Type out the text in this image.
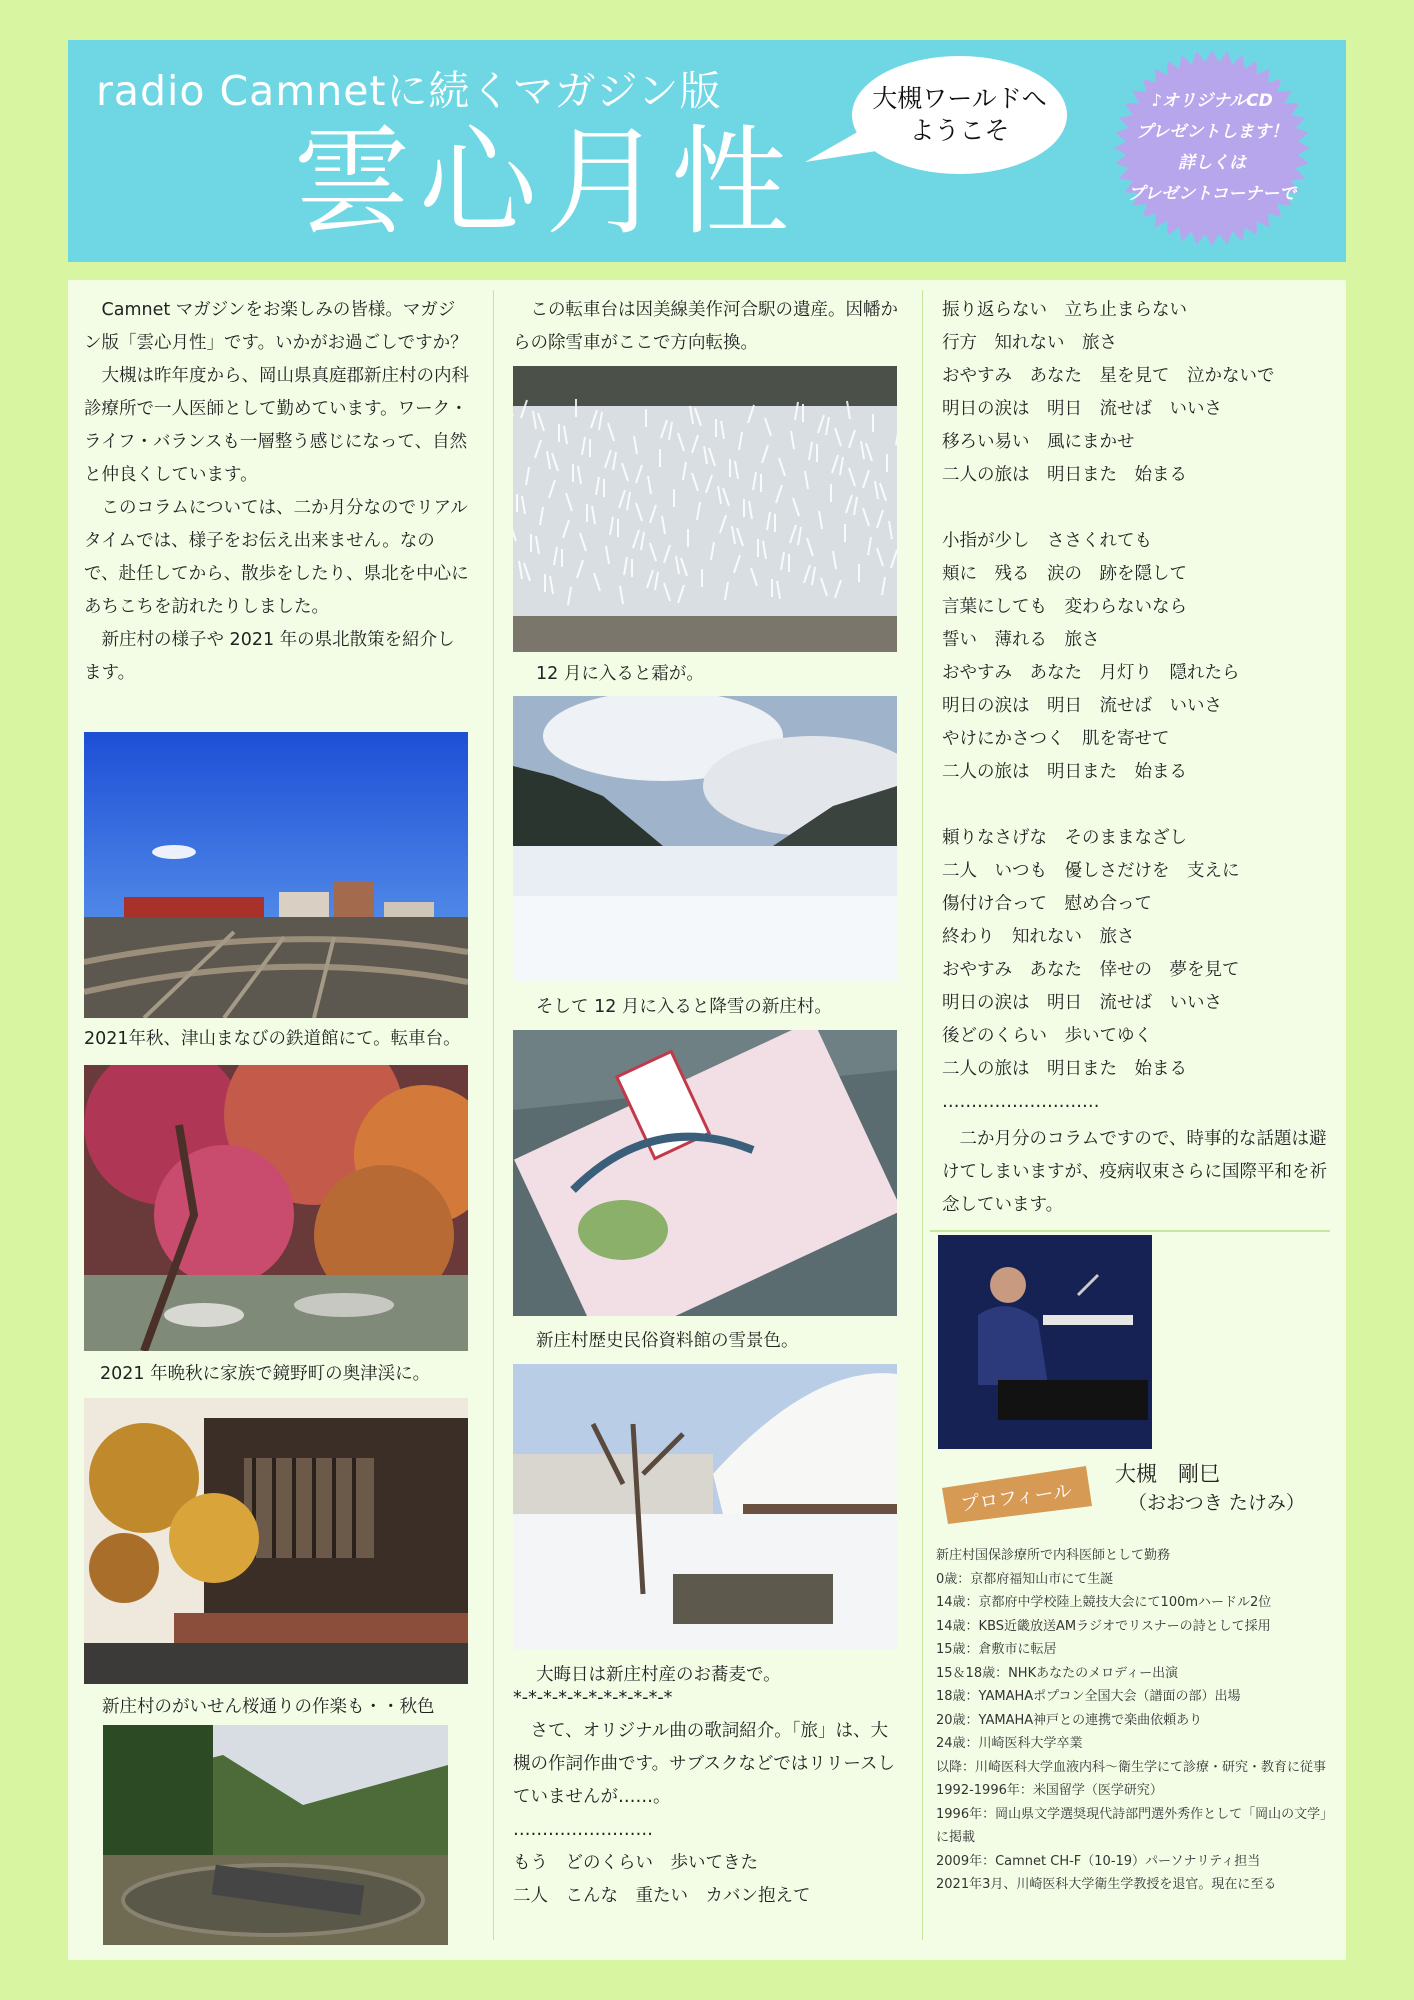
radio Camnetに続くマガジン版
雲心月性
大槻ワールドへ
ようこそ
♪オリジナルCD
プレゼントします！
詳しくは
プレゼントコーナーで

Camnet マガジンをお楽しみの皆様。マガジン版「雲心月性」です。いかがお過ごしですか？

大槻は昨年度から、岡山県真庭郡新庄村の内科診療所で一人医師として勤めています。ワーク・ライフ・バランスも一層整う感じになって、自然と仲良くしています。

このコラムについては、二か月分なのでリアルタイムでは、様子をお伝え出来ません。なので、赴任してから、散歩をしたり、県北を中心にあちこちを訪れたりしました。

新庄村の様子や 2021 年の県北散策を紹介します。

2021年秋、津山まなびの鉄道館にて。転車台。
2021 年晩秋に家族で鏡野町の奥津渓に。
新庄村のがいせん桜通りの作楽も・・秋色

この転車台は因美線美作河合駅の遺産。因幡からの除雪車がここで方向転換。

12 月に入ると霜が。
そして 12 月に入ると降雪の新庄村。
新庄村歴史民俗資料館の雪景色。
大晦日は新庄村産のお蕎麦で。

*-*-*-*-*-*-*-*-*-*-*

さて、オリジナル曲の歌詞紹介。「旅」は、大槻の作詞作曲です。サブスクなどではリリースしていませんが……。

……………………

もう　どのくらい　歩いてきた

二人　こんな　重たい　カバン抱えて

振り返らない　立ち止まらない

行方　知れない　旅さ

おやすみ　あなた　星を見て　泣かないで

明日の涙は　明日　流せば　いいさ

移ろい易い　風にまかせ

二人の旅は　明日また　始まる

小指が少し　ささくれても

頬に　残る　涙の　跡を隠して

言葉にしても　変わらないなら

誓い　薄れる　旅さ

おやすみ　あなた　月灯り　隠れたら

明日の涙は　明日　流せば　いいさ

やけにかさつく　肌を寄せて

二人の旅は　明日また　始まる

頼りなさげな　そのままなざし

二人　いつも　優しさだけを　支えに

傷付け合って　慰め合って

終わり　知れない　旅さ

おやすみ　あなた　倖せの　夢を見て

明日の涙は　明日　流せば　いいさ

後どのくらい　歩いてゆく

二人の旅は　明日また　始まる

………………………

二か月分のコラムですので、時事的な話題は避けてしまいますが、疫病収束さらに国際平和を祈念しています。

プロフィール
大槻　剛巳
（おおつき たけみ）

新庄村国保診療所で内科医師として勤務

0歳：京都府福知山市にて生誕

14歳：京都府中学校陸上競技大会にて100mハードル2位

14歳：KBS近畿放送AMラジオでリスナーの詩として採用

15歳：倉敷市に転居

15＆18歳：NHKあなたのメロディー出演

18歳：YAMAHAポプコン全国大会（譜面の部）出場

20歳：YAMAHA神戸との連携で楽曲依頼あり

24歳：川崎医科大学卒業

以降：川崎医科大学血液内科～衛生学にて診療・研究・教育に従事

1992-1996年：米国留学（医学研究）

1996年：岡山県文学選奨現代詩部門選外秀作として「岡山の文学」に掲載

2009年：Camnet CH-F（10-19）パーソナリティ担当

2021年3月、川崎医科大学衛生学教授を退官。現在に至る
